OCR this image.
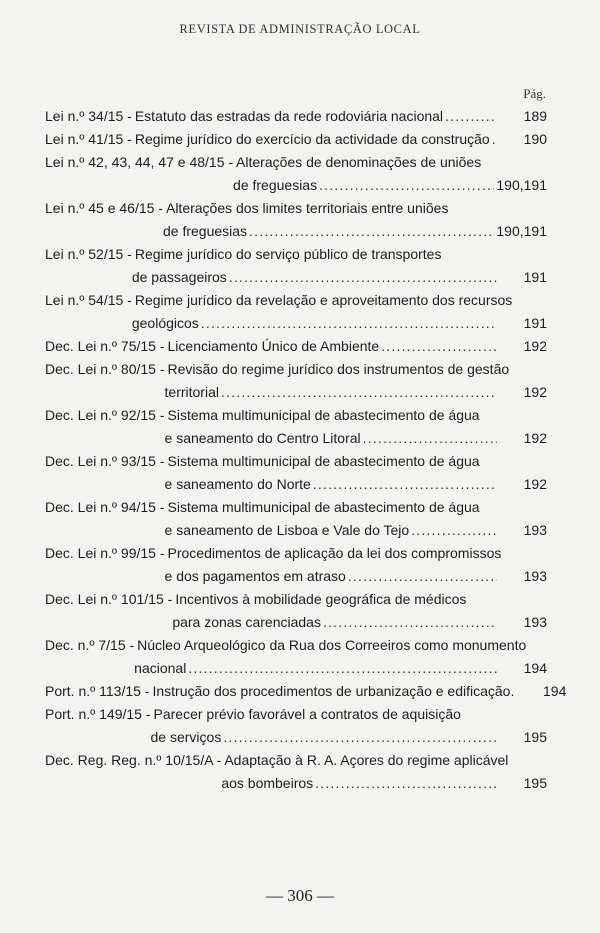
REVISTA DE ADMINISTRAÇÃO LOCAL
Pág.
Lei n.º 34/15 - Estatuto das estradas da rede rodoviária nacional .....	189
Lei n.º 41/15 - Regime jurídico do exercício da actividade da construção .....	190
Lei n.º 42, 43, 44, 47 e 48/15 - Alterações de denominações de uniões
de freguesias .....	190,191
Lei n.º 45 e 46/15 - Alterações dos limites territoriais entre uniões
de freguesias .....	190,191
Lei n.º 52/15 - Regime jurídico do serviço público de transportes
de passageiros .....	191
Lei n.º 54/15 - Regime jurídico da revelação e aproveitamento dos recursos
geológicos .....	191
Dec. Lei n.º 75/15 - Licenciamento Único de Ambiente .....	192
Dec. Lei n.º 80/15 - Revisão do regime jurídico dos instrumentos de gestão
territorial .....	192
Dec. Lei n.º 92/15 - Sistema multimunicipal de abastecimento de água
e saneamento do Centro Litoral .....	192
Dec. Lei n.º 93/15 - Sistema multimunicipal de abastecimento de água
e saneamento do Norte .....	192
Dec. Lei n.º 94/15 - Sistema multimunicipal de abastecimento de água
e saneamento de Lisboa e Vale do Tejo .....	193
Dec. Lei n.º 99/15 - Procedimentos de aplicação da lei dos compromissos
e dos pagamentos em atraso .....	193
Dec. Lei n.º 101/15 - Incentivos à mobilidade geográfica de médicos
para zonas carenciadas .....	193
Dec. n.º 7/15 - Núcleo Arqueológico da Rua dos Correeiros como monumento
nacional .....	194
Port. n.º 113/15 - Instrução dos procedimentos de urbanização e edificação.	194
Port. n.º 149/15 - Parecer prévio favorável a contratos de aquisição
de serviços .....	195
Dec. Reg. Reg. n.º 10/15/A - Adaptação à R. A. Açores do regime aplicável
aos bombeiros .....	195
— 306 —
